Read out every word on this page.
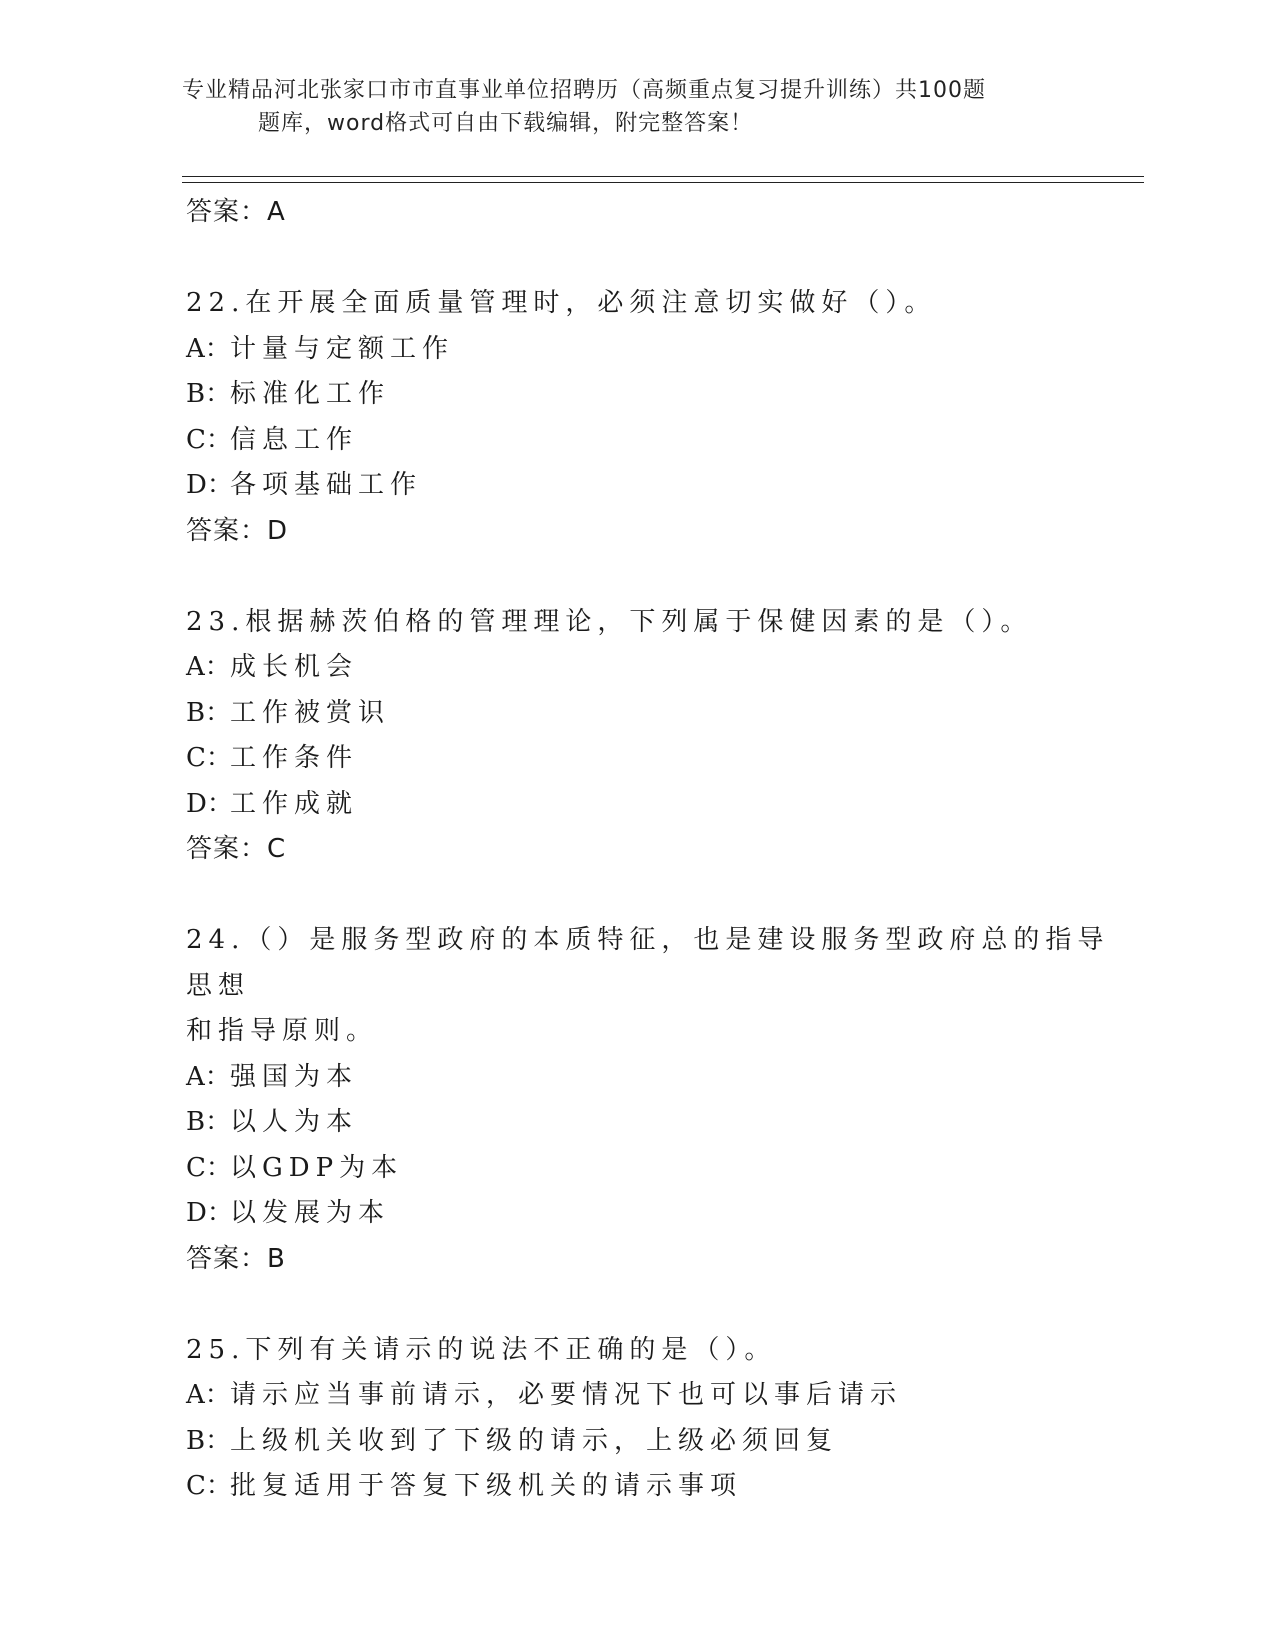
专业精品河北张家口市市直事业单位招聘历（高频重点复习提升训练）共100题
题库，word格式可自由下载编辑，附完整答案！
答案：A
22.在开展全面质量管理时，必须注意切实做好（）。
A：计量与定额工作
B：标准化工作
C：信息工作
D：各项基础工作
答案：D
23.根据赫茨伯格的管理理论，下列属于保健因素的是（）。
A：成长机会
B：工作被赏识
C：工作条件
D：工作成就
答案：C
24.（）是服务型政府的本质特征，也是建设服务型政府总的指导思想
和指导原则。
A：强国为本
B：以人为本
C：以GDP为本
D：以发展为本
答案：B
25.下列有关请示的说法不正确的是（）。
A：请示应当事前请示，必要情况下也可以事后请示
B：上级机关收到了下级的请示，上级必须回复
C：批复适用于答复下级机关的请示事项
